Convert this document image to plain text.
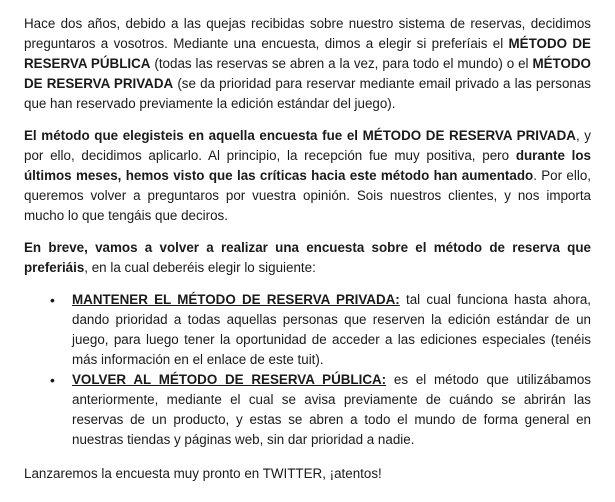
Hace dos años, debido a las quejas recibidas sobre nuestro sistema de reservas, decidimos preguntaros a vosotros. Mediante una encuesta, dimos a elegir si preferíais el MÉTODO DE RESERVA PÚBLICA (todas las reservas se abren a la vez, para todo el mundo) o el MÉTODO DE RESERVA PRIVADA (se da prioridad para reservar mediante email privado a las personas que han reservado previamente la edición estándar del juego).

El método que elegisteis en aquella encuesta fue el MÉTODO DE RESERVA PRIVADA, y por ello, decidimos aplicarlo. Al principio, la recepción fue muy positiva, pero durante los últimos meses, hemos visto que las críticas hacia este método han aumentado. Por ello, queremos volver a preguntaros por vuestra opinión. Sois nuestros clientes, y nos importa mucho lo que tengáis que deciros.

En breve, vamos a volver a realizar una encuesta sobre el método de reserva que preferiáis, en la cual deberéis elegir lo siguiente:

• MANTENER EL MÉTODO DE RESERVA PRIVADA: tal cual funciona hasta ahora, dando prioridad a todas aquellas personas que reserven la edición estándar de un juego, para luego tener la oportunidad de acceder a las ediciones especiales (tenéis más información en el enlace de este tuit).
• VOLVER AL MÉTODO DE RESERVA PÚBLICA: es el método que utilizábamos anteriormente, mediante el cual se avisa previamente de cuándo se abrirán las reservas de un producto, y estas se abren a todo el mundo de forma general en nuestras tiendas y páginas web, sin dar prioridad a nadie.

Lanzaremos la encuesta muy pronto en TWITTER, ¡atentos!
